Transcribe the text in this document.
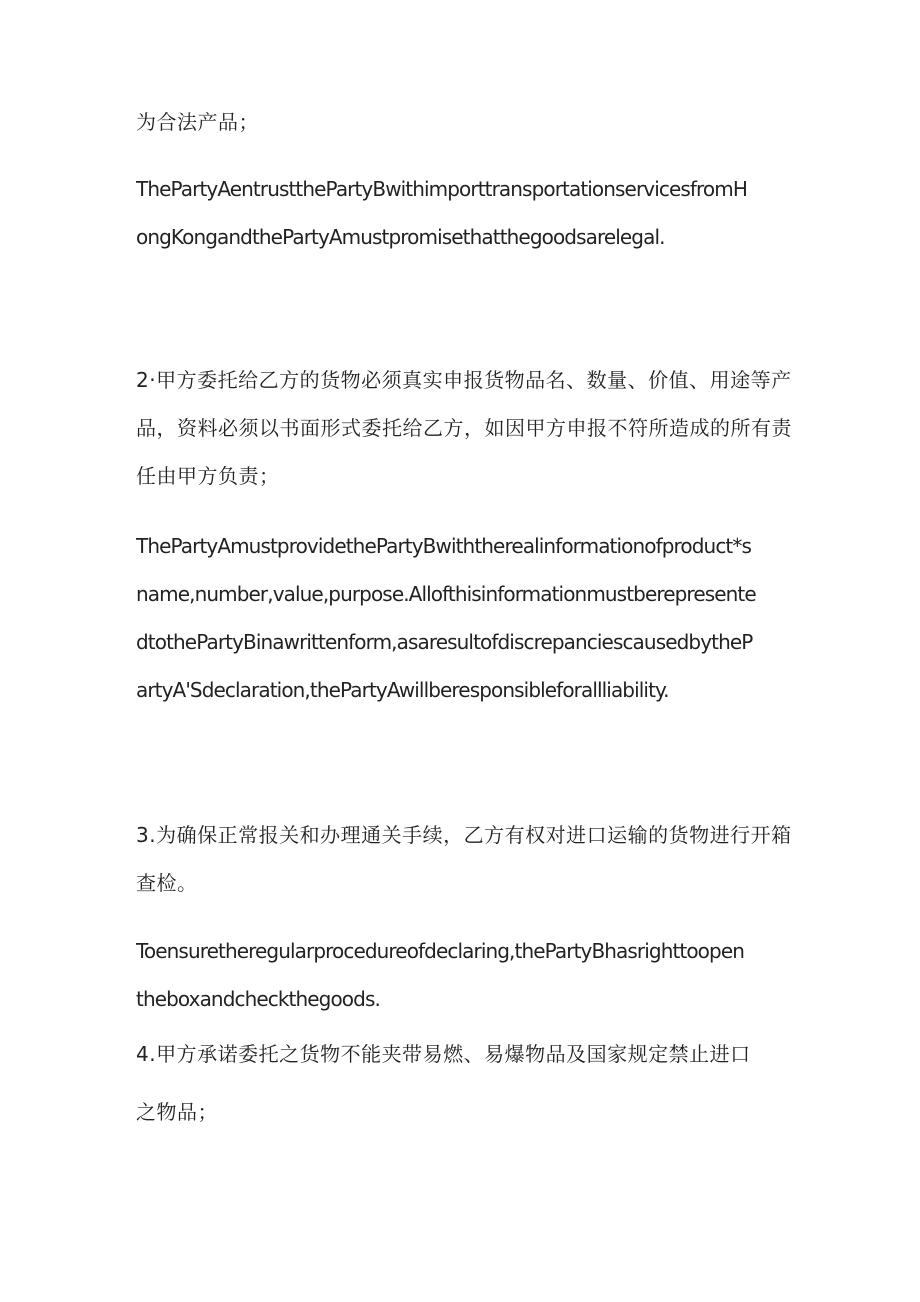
为合法产品；
ThePartyAentrustthePartyBwithimporttransportationservicesfromH
ongKongandthePartyAmustpromisethatthegoodsarelegal.
2·甲方委托给乙方的货物必须真实申报货物品名、数量、价值、用途等产
品，资料必须以书面形式委托给乙方，如因甲方申报不符所造成的所有责
任由甲方负责；
ThePartyAmustprovidethePartyBwiththerealinformationofproduct*s
name,number,value,purpose.Allofthisinformationmustberepresente
dtothePartyBinawrittenform,asaresultofdiscrepanciescausedbytheP
artyA'Sdeclaration,thePartyAwillberesponsibleforallliability.
3.为确保正常报关和办理通关手续，乙方有权对进口运输的货物进行开箱
查检。
Toensuretheregularprocedureofdeclaring,thePartyBhasrighttoopen
theboxandcheckthegoods.
4.甲方承诺委托之货物不能夹带易燃、易爆物品及国家规定禁止进口
之物品；
